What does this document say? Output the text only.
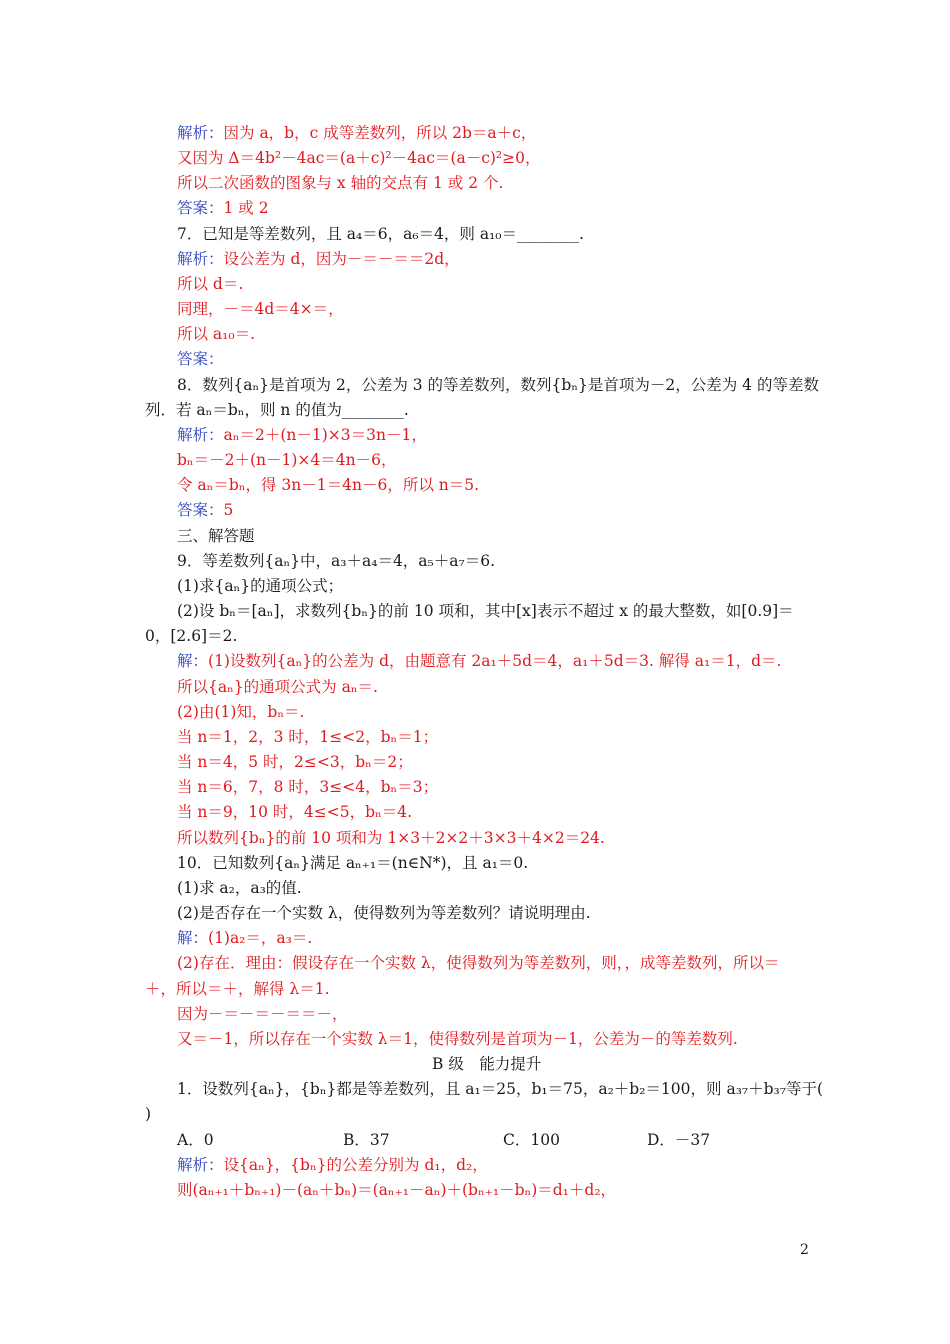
解析：因为 a，b，c 成等差数列，所以 2b＝a＋c，
又因为 Δ＝4b²－4ac＝(a＋c)²－4ac＝(a－c)²≥0，
所以二次函数的图象与 x 轴的交点有 1 或 2 个.
答案：1 或 2
7．已知是等差数列，且 a₄＝6，a₆＝4，则 a₁₀＝________.
解析：设公差为 d，因为－＝－＝＝2d，
所以 d＝.
同理，－＝4d＝4×＝，
所以 a₁₀＝.
答案：
8．数列{aₙ}是首项为 2，公差为 3 的等差数列，数列{bₙ}是首项为－2，公差为 4 的等差数
列．若 aₙ＝bₙ，则 n 的值为________.
解析：aₙ＝2＋(n－1)×3＝3n－1，
bₙ＝－2＋(n－1)×4＝4n－6，
令 aₙ＝bₙ，得 3n－1＝4n－6，所以 n＝5.
答案：5
三、解答题
9．等差数列{aₙ}中，a₃＋a₄＝4，a₅＋a₇＝6.
(1)求{aₙ}的通项公式；
(2)设 bₙ＝[aₙ]，求数列{bₙ}的前 10 项和，其中[x]表示不超过 x 的最大整数，如[0.9]＝
0，[2.6]＝2.
解：(1)设数列{aₙ}的公差为 d，由题意有 2a₁＋5d＝4，a₁＋5d＝3. 解得 a₁＝1，d＝.
所以{aₙ}的通项公式为 aₙ＝.
(2)由(1)知，bₙ＝.
当 n＝1，2，3 时，1≤<2，bₙ＝1；
当 n＝4，5 时，2≤<3，bₙ＝2；
当 n＝6，7，8 时，3≤<4，bₙ＝3；
当 n＝9，10 时，4≤<5，bₙ＝4.
所以数列{bₙ}的前 10 项和为 1×3＋2×2＋3×3＋4×2＝24.
10．已知数列{aₙ}满足 aₙ₊₁＝(n∈N*)，且 a₁＝0.
(1)求 a₂，a₃的值.
(2)是否存在一个实数 λ，使得数列为等差数列？请说明理由.
解：(1)a₂＝，a₃＝.
(2)存在．理由：假设存在一个实数 λ，使得数列为等差数列，则，，成等差数列，所以＝
＋，所以＝＋，解得 λ＝1.
因为－＝－＝－＝＝－，
又＝－1，所以存在一个实数 λ＝1，使得数列是首项为－1，公差为－的等差数列.
B 级　能力提升
1．设数列{aₙ}，{bₙ}都是等差数列，且 a₁＝25，b₁＝75，a₂＋b₂＝100，则 a₃₇＋b₃₇等于(
)
A．0	B．37	C．100	D．－37
解析：设{aₙ}，{bₙ}的公差分别为 d₁，d₂，
则(aₙ₊₁＋bₙ₊₁)－(aₙ＋bₙ)＝(aₙ₊₁－aₙ)＋(bₙ₊₁－bₙ)＝d₁＋d₂，
2
